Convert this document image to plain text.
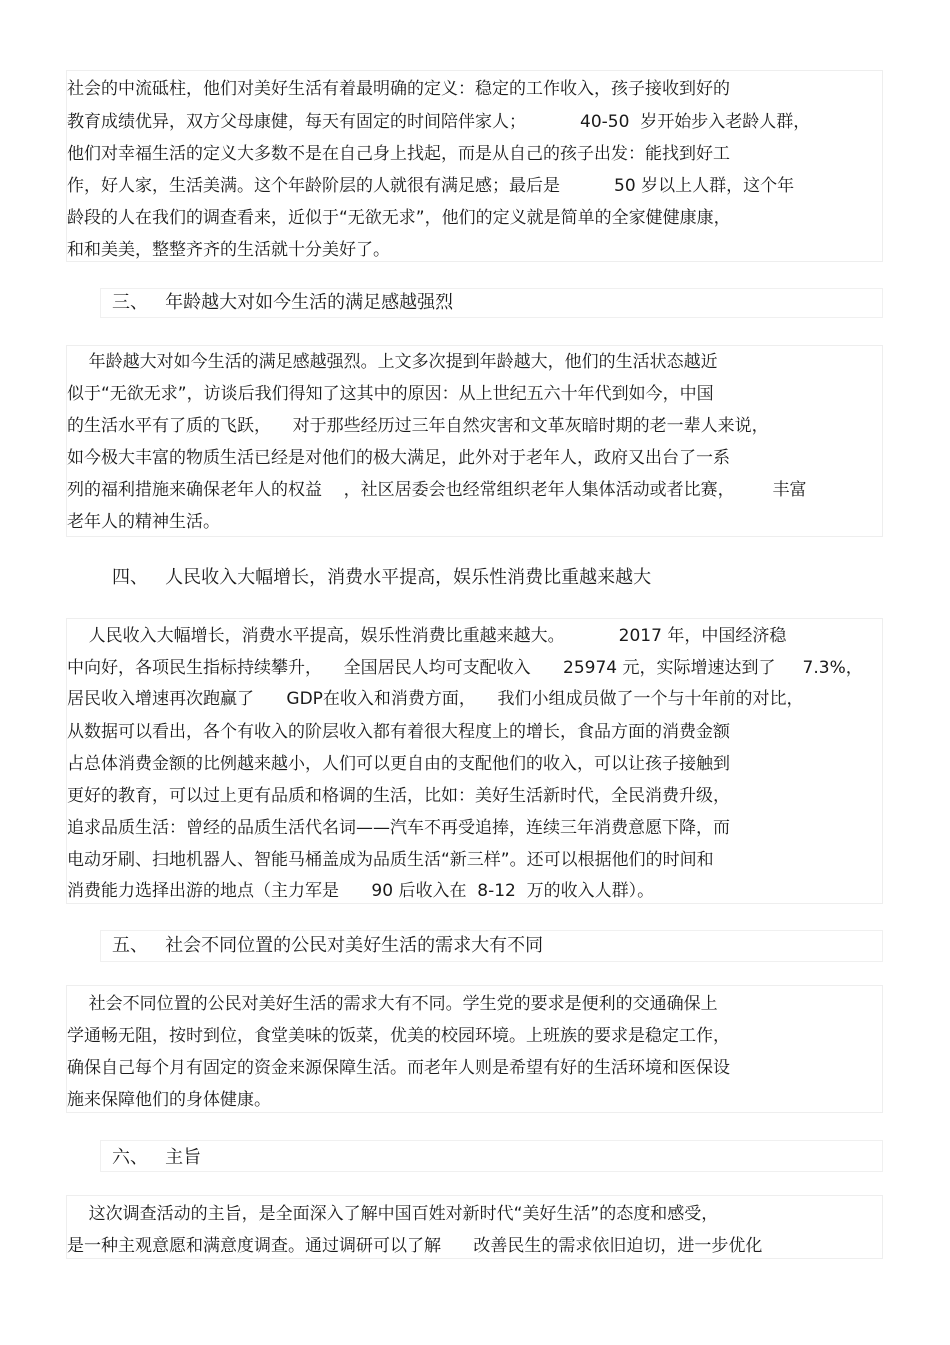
社会的中流砥柱，他们对美好生活有着最明确的定义：稳定的工作收入，孩子接收到好的
教育成绩优异，双方父母康健，每天有固定的时间陪伴家人；          40-50  岁开始步入老龄人群，
他们对幸福生活的定义大多数不是在自己身上找起，而是从自己的孩子出发：能找到好工
作，好人家，生活美满。这个年龄阶层的人就很有满足感；最后是          50 岁以上人群，这个年
龄段的人在我们的调查看来，近似于“无欲无求”，他们的定义就是简单的全家健健康康，
和和美美，整整齐齐的生活就十分美好了。
三、   年龄越大对如今生活的满足感越强烈
年龄越大对如今生活的满足感越强烈。上文多次提到年龄越大，他们的生活状态越近
似于“无欲无求”，访谈后我们得知了这其中的原因：从上世纪五六十年代到如今，中国
的生活水平有了质的飞跃，    对于那些经历过三年自然灾害和文革灰暗时期的老一辈人来说，
如今极大丰富的物质生活已经是对他们的极大满足，此外对于老年人，政府又出台了一系
列的福利措施来确保老年人的权益    ，社区居委会也经常组织老年人集体活动或者比赛，       丰富
老年人的精神生活。
四、   人民收入大幅增长，消费水平提高，娱乐性消费比重越来越大
人民收入大幅增长，消费水平提高，娱乐性消费比重越来越大。          2017 年，中国经济稳
中向好，各项民生指标持续攀升，    全国居民人均可支配收入      25974 元，实际增速达到了     7.3%，
居民收入增速再次跑赢了      GDP在收入和消费方面，    我们小组成员做了一个与十年前的对比，
从数据可以看出，各个有收入的阶层收入都有着很大程度上的增长，食品方面的消费金额
占总体消费金额的比例越来越小，人们可以更自由的支配他们的收入，可以让孩子接触到
更好的教育，可以过上更有品质和格调的生活，比如：美好生活新时代，全民消费升级，
追求品质生活：曾经的品质生活代名词——汽车不再受追捧，连续三年消费意愿下降，而
电动牙刷、扫地机器人、智能马桶盖成为品质生活“新三样”。还可以根据他们的时间和
消费能力选择出游的地点（主力军是      90 后收入在  8-12  万的收入人群）。
五、   社会不同位置的公民对美好生活的需求大有不同
社会不同位置的公民对美好生活的需求大有不同。学生党的要求是便利的交通确保上
学通畅无阻，按时到位，食堂美味的饭菜，优美的校园环境。上班族的要求是稳定工作，
确保自己每个月有固定的资金来源保障生活。而老年人则是希望有好的生活环境和医保设
施来保障他们的身体健康。
六、   主旨
这次调查活动的主旨，是全面深入了解中国百姓对新时代“美好生活”的态度和感受，
是一种主观意愿和满意度调查。通过调研可以了解      改善民生的需求依旧迫切，进一步优化
